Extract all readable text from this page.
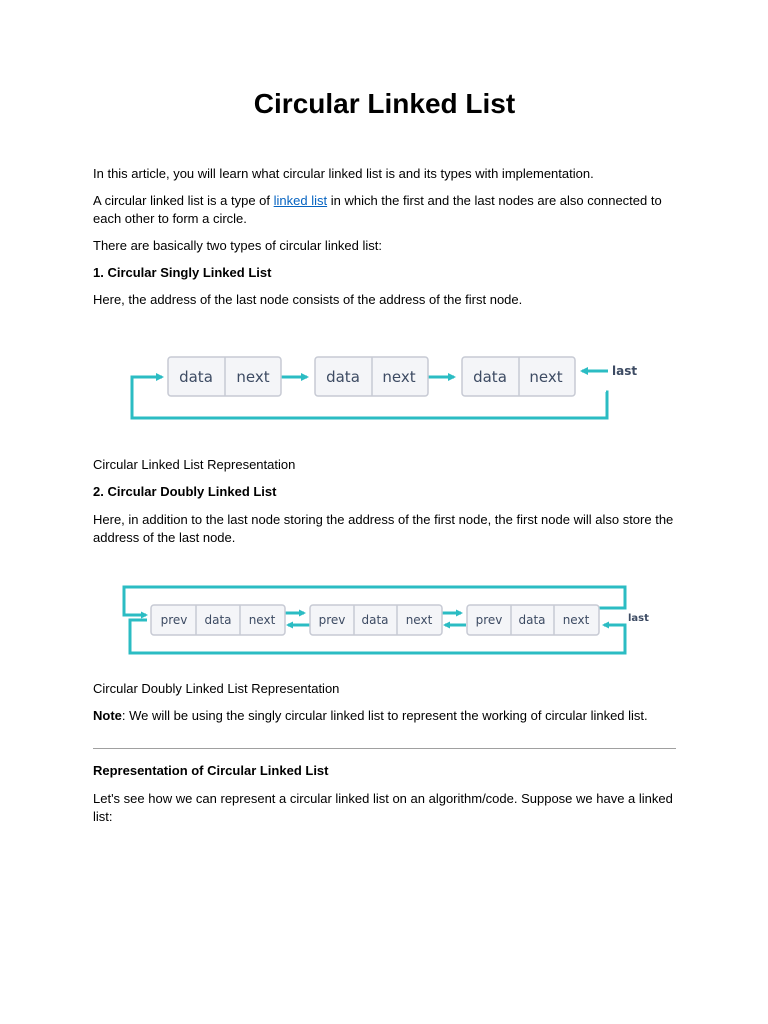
Circular Linked List

In this article, you will learn what circular linked list is and its types with implementation.

A circular linked list is a type of linked list in which the first and the last nodes are also connected to each other to form a circle.

There are basically two types of circular linked list:

1. Circular Singly Linked List

Here, the address of the last node consists of the address of the first node.

Circular Linked List Representation

2. Circular Doubly Linked List

Here, in addition to the last node storing the address of the first node, the first node will also store the address of the last node.

Circular Doubly Linked List Representation

Note: We will be using the singly circular linked list to represent the working of circular linked list.

Representation of Circular Linked List

Let's see how we can represent a circular linked list on an algorithm/code. Suppose we have a linked list:

last
data next	data next	data next
last
prev data next	prev data next	prev data next
